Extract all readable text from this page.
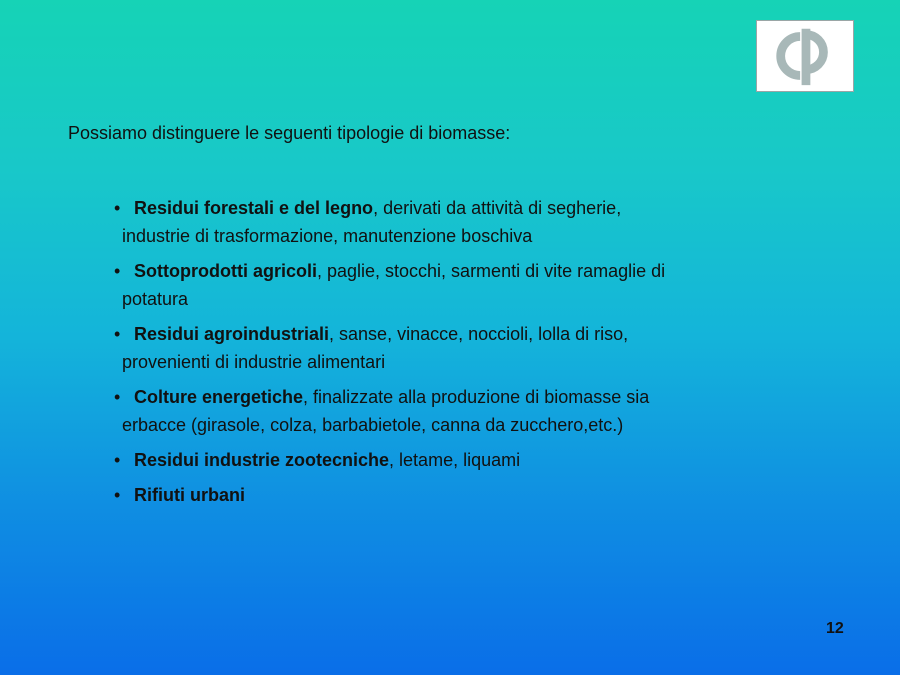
Possiamo distinguere le seguenti tipologie di biomasse:

• Residui forestali e del legno, derivati da attività di segherie,
industrie di trasformazione, manutenzione boschiva
• Sottoprodotti agricoli, paglie, stocchi, sarmenti di vite ramaglie di
potatura
• Residui agroindustriali, sanse, vinacce, noccioli, lolla di riso,
provenienti di industrie alimentari
• Colture energetiche, finalizzate alla produzione di biomasse sia
erbacce (girasole, colza, barbabietole, canna da zucchero,etc.)
• Residui industrie zootecniche, letame, liquami
• Rifiuti urbani
12
